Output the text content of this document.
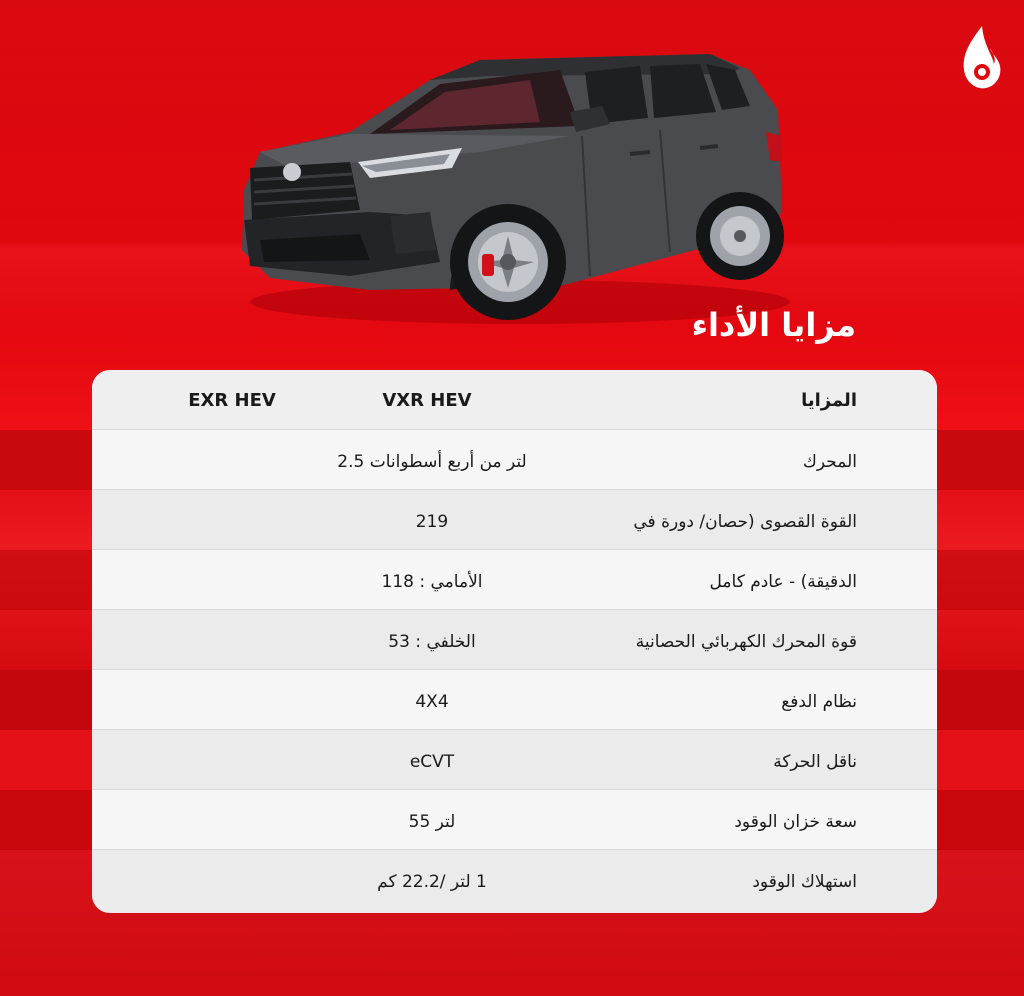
مزايا الأداء
المزايا
VXR HEV
EXR HEV
المحرك
لتر من أربع أسطوانات 2.5
القوة القصوى (حصان/ دورة في
219
الدقيقة) - عادم كامل
الأمامي : 118
قوة المحرك الكهربائي الحصانية
الخلفي : 53
نظام الدفع
4X4
ناقل الحركة
eCVT
سعة خزان الوقود
لتر 55
استهلاك الوقود
1 لتر /22.2 كم
